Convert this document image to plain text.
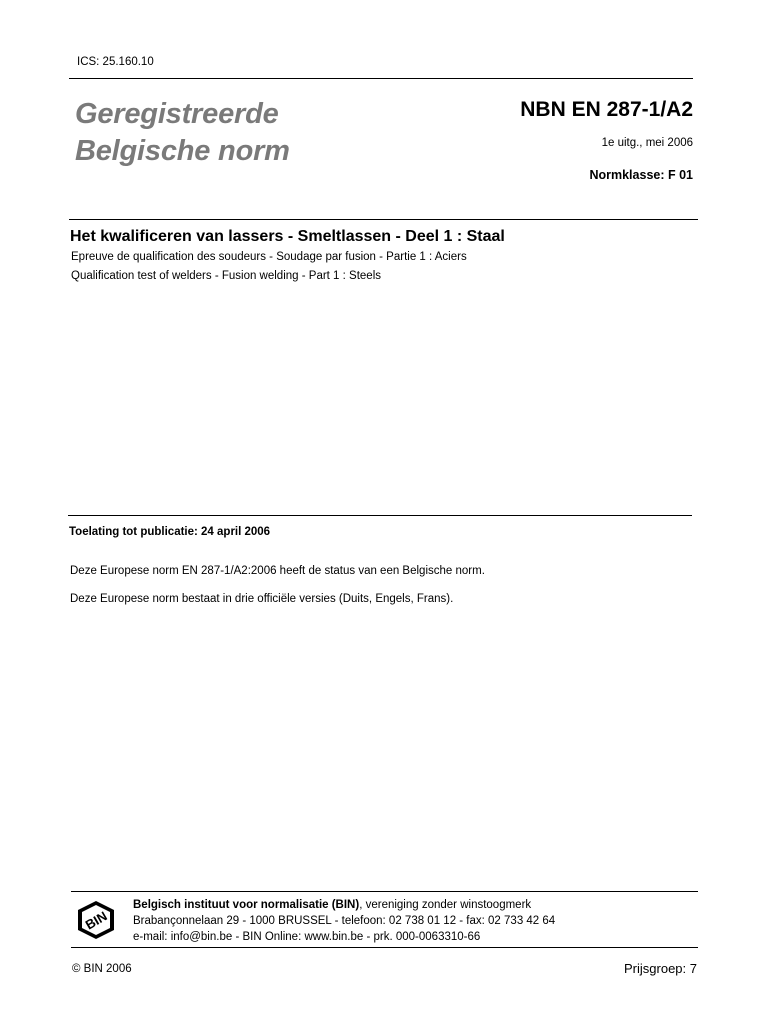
ICS: 25.160.10
Geregistreerde
Belgische norm
NBN EN 287-1/A2
1e uitg., mei 2006
Normklasse: F 01
Het kwalificeren van lassers - Smeltlassen - Deel 1 : Staal
Epreuve de qualification des soudeurs - Soudage par fusion - Partie 1 : Aciers
Qualification test of welders - Fusion welding - Part 1 : Steels
Toelating tot publicatie: 24 april 2006
Deze Europese norm EN 287-1/A2:2006 heeft de status van een Belgische norm.
Deze Europese norm bestaat in drie officiële versies (Duits, Engels, Frans).
BIN
Belgisch instituut voor normalisatie (BIN), vereniging zonder winstoogmerk
Brabançonnelaan 29 - 1000 BRUSSEL - telefoon: 02 738 01 12 - fax: 02 733 42 64
e-mail: info@bin.be - BIN Online: www.bin.be - prk. 000-0063310-66
© BIN 2006	Prijsgroep: 7
